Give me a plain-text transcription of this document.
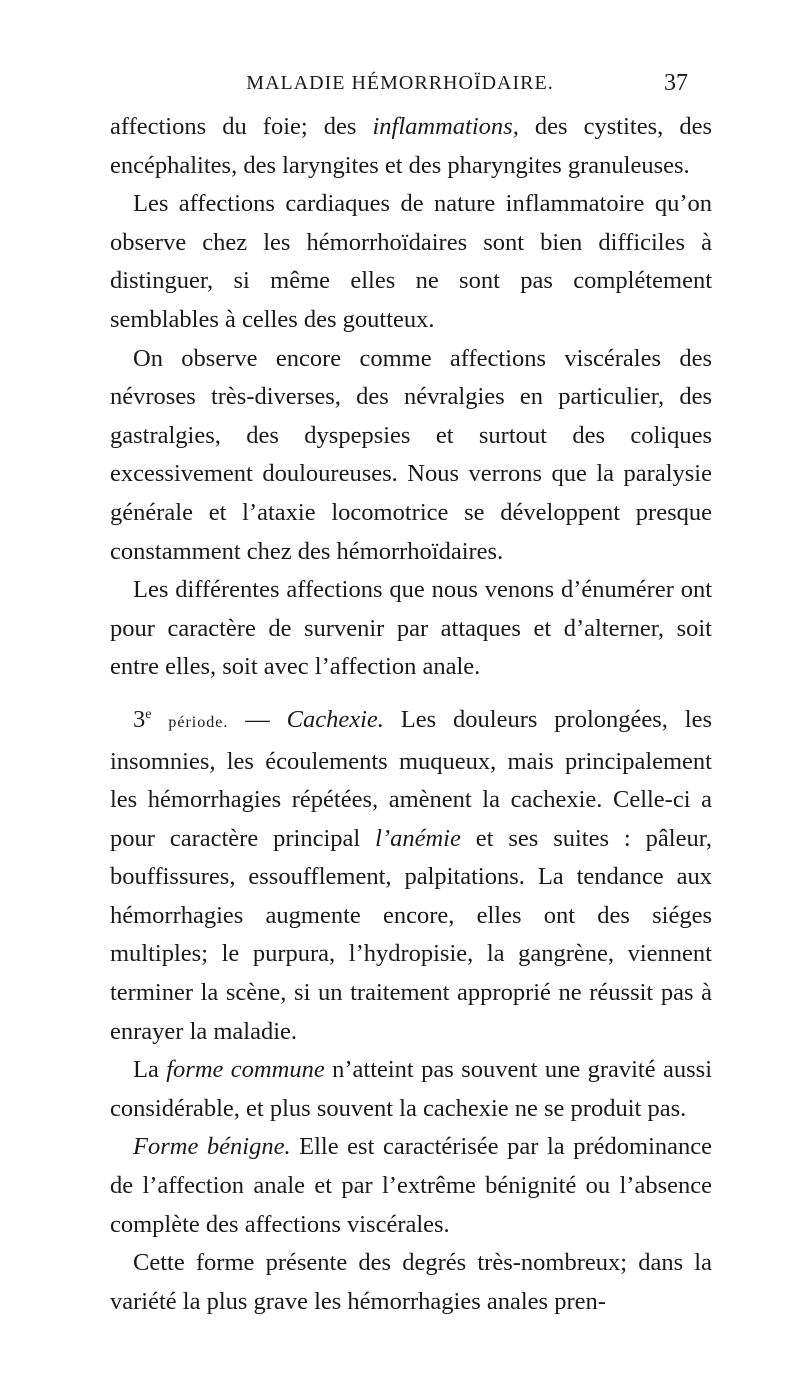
MALADIE HÉMORRHOÏDAIRE.	37

affections du foie; des inflammations, des cystites, des encéphalites, des laryngites et des pharyngites granuleuses.

Les affections cardiaques de nature inflammatoire qu’on observe chez les hémorrhoïdaires sont bien difficiles à distinguer, si même elles ne sont pas complétement semblables à celles des goutteux.

On observe encore comme affections viscérales des névroses très-diverses, des névralgies en particulier, des gastralgies, des dyspepsies et surtout des coliques excessivement douloureuses. Nous verrons que la paralysie générale et l’ataxie locomotrice se développent presque constamment chez des hémorrhoïdaires.

Les différentes affections que nous venons d’énumérer ont pour caractère de survenir par attaques et d’alterner, soit entre elles, soit avec l’affection anale.

3e période. — Cachexie. Les douleurs prolongées, les insomnies, les écoulements muqueux, mais principalement les hémorrhagies répétées, amènent la cachexie. Celle-ci a pour caractère principal l’anémie et ses suites : pâleur, bouffissures, essoufflement, palpitations. La tendance aux hémorrhagies augmente encore, elles ont des siéges multiples; le purpura, l’hydropisie, la gangrène, viennent terminer la scène, si un traitement approprié ne réussit pas à enrayer la maladie.

La forme commune n’atteint pas souvent une gravité aussi considérable, et plus souvent la cachexie ne se produit pas.

Forme bénigne. Elle est caractérisée par la prédominance de l’affection anale et par l’extrême bénignité ou l’absence complète des affections viscérales.

Cette forme présente des degrés très-nombreux; dans la variété la plus grave les hémorrhagies anales pren-
